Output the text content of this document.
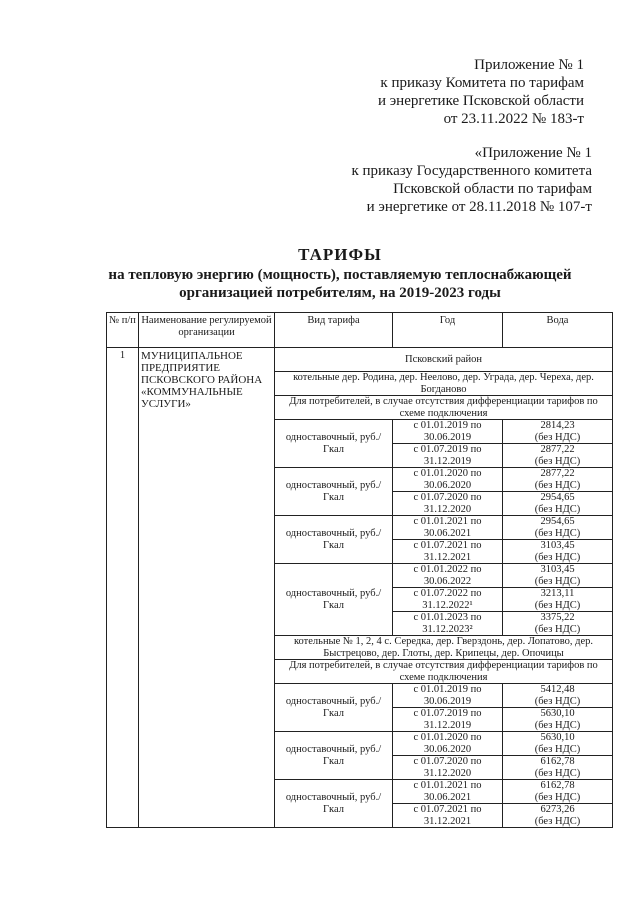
Приложение № 1
к приказу Комитета по тарифам
и энергетике Псковской области
от 23.11.2022 № 183-т
«Приложение № 1
к приказу Государственного комитета
Псковской области по тарифам
и энергетике от 28.11.2018 № 107-т
ТАРИФЫ
на тепловую энергию (мощность), поставляемую теплоснабжающей
организацией потребителям, на 2019-2023 годы
№ п/п	Наименование регулируемой организации	Вид тарифа	Год	Вода
1	МУНИЦИПАЛЬНОЕ ПРЕДПРИЯТИЕ ПСКОВСКОГО РАЙОНА «КОММУНАЛЬНЫЕ УСЛУГИ»	Псковский район		
		котельные дер. Родина, дер. Неелово, дер. Уграда, дер. Череха, дер. Богданово		
		Для потребителей, в случае отсутствия дифференциации тарифов по схеме подключения		
		одноставочный, руб./Гкал	с 01.01.2019 по 30.06.2019	2814,23
(без НДС)

			с 01.07.2019 по 31.12.2019	2877,22
(без НДС)

		одноставочный, руб./Гкал	с 01.01.2020 по 30.06.2020	2877,22
(без НДС)

			с 01.07.2020 по 31.12.2020	2954,65
(без НДС)

		одноставочный, руб./Гкал	с 01.01.2021 по 30.06.2021	2954,65
(без НДС)

			с 01.07.2021 по 31.12.2021	3103,45
(без НДС)

		одноставочный, руб./Гкал	с 01.01.2022 по 30.06.2022	3103,45
(без НДС)

			с 01.07.2022 по 31.12.2022¹	3213,11
(без НДС)

			с 01.01.2023 по 31.12.2023²	3375,22
(без НДС)

		котельные № 1, 2, 4 с. Середка, дер. Гверздонь, дер. Лопатово, дер. Быстрецово, дер. Глоты, дер. Крипецы, дер. Опочицы		
		Для потребителей, в случае отсутствия дифференциации тарифов по схеме подключения		
		одноставочный, руб./Гкал	с 01.01.2019 по 30.06.2019	5412,48
(без НДС)

			с 01.07.2019 по 31.12.2019	5630,10
(без НДС)

		одноставочный, руб./Гкал	с 01.01.2020 по 30.06.2020	5630,10
(без НДС)

			с 01.07.2020 по 31.12.2020	6162,78
(без НДС)

		одноставочный, руб./Гкал	с 01.01.2021 по 30.06.2021	6162,78
(без НДС)

			с 01.07.2021 по 31.12.2021	6273,26
(без НДС)
